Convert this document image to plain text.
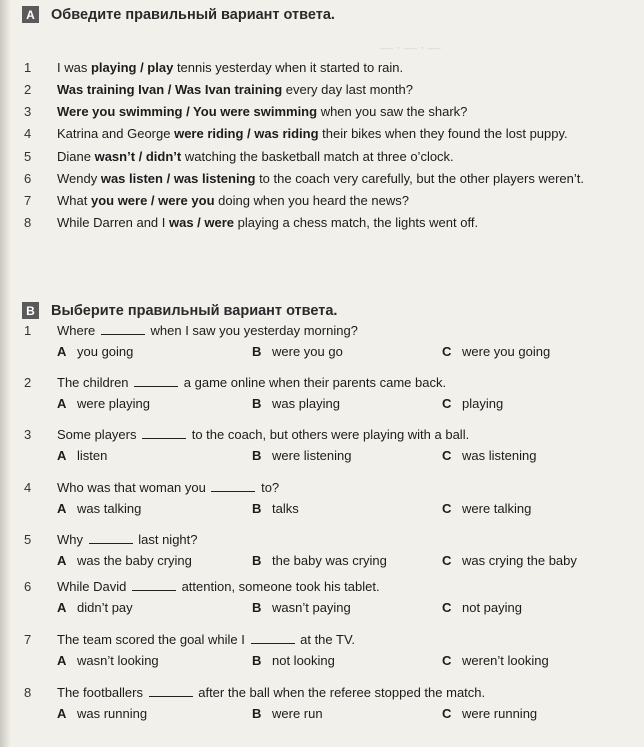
— · — · —
A Обведите правильный вариант ответа.
1 I was playing / play tennis yesterday when it started to rain.
2 Was training Ivan / Was Ivan training every day last month?
3 Were you swimming / You were swimming when you saw the shark?
4 Katrina and George were riding / was riding their bikes when they found the lost puppy.
5 Diane wasn’t / didn’t watching the basketball match at three o’clock.
6 Wendy was listen / was listening to the coach very carefully, but the other players weren’t.
7 What you were / were you doing when you heard the news?
8 While Darren and I was / were playing a chess match, the lights went off.
B Выберите правильный вариант ответа.
1 Where	when I saw you yesterday morning?
A you going	B were you go	C were you going
2 The children	a game online when their parents came back.
A were playing	B was playing	C playing
3 Some players	to the coach, but others were playing with a ball.
A listen	B were listening	C was listening
4 Who was that woman you	to?
A was talking	B talks	C were talking
5 Why	last night?
A was the baby crying	B the baby was crying	C was crying the baby
6 While David	attention, someone took his tablet.
A didn’t pay	B wasn’t paying	C not paying
7 The team scored the goal while I	at the TV.
A wasn’t looking	B not looking	C weren’t looking
8 The footballers	after the ball when the referee stopped the match.
A was running	B were run	C were running
